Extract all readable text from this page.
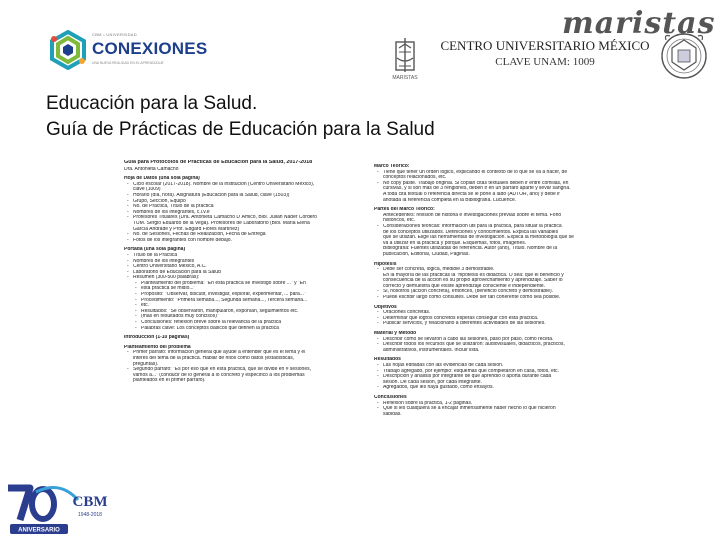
CBM • UNIVERSIDAD
CONEXIONES
UNA NUEVA REALIDAD EN EL APRENDIZAJE
maristas
MARISTAS
CENTRO UNIVERSITARIO MÉXICO
CLAVE UNAM: 1009
Educación para la Salud.
Guía de Prácticas de Educación para la Salud
Guía para Protocolos de Prácticas de Educación para la Salud, 2017-2018
Dra. Antonieta Camacho
Hoja de Datos (una sola página)
- Ciclo escolar (2017-2018). Nombre de la institución (Centro Universitario México),
clave (1009)
- Horario (día, hora). Asignatura (Educación para la Salud, clave (1503))
- Grupo, Sección, Equipo
- No. de Práctica, Título de la práctica
- Nombres de los integrantes, c.l.v.e
- Profesores Titulares (Dra. Antonieta Camacho D´Amico, Biól. Julián Nader Cordero
TUM. Sergio Eduardo de la Vega). Profesores de Laboratorio (Biól. María Elena
García Andrade y Prof. Edgard Flores Martínez)
- No. de Sesiones, Fechas de Realización, Fecha de Entrega
- Fotos de los integrantes con nombre debajo.
Portada (una sola página)
- Título de la Práctica
- Nombres de los integrantes
- Centro Universitario México, A.C.
- Laboratorio de Educación para la Salud
- Resumen (300-500 palabras):
- Planteamiento del problema: "En esta práctica se investigó sobre ..." y "En
- esta práctica se midió..."
- Propósito: "Observar, discutir, investigar, explorar, experimentar, ... para..."
- Procedimiento: "Primera semana..., Segunda semana..., Tercera semana...
- etc."
- Resultados: "Se observaron, manipularon, exponían, seguimientos etc.
- (más en resultados muy concisos)"
- Conclusiones: reflexión breve sobre la relevancia de la práctica
- Palabras clave: Los conceptos básicos que definen la práctica
Introducción (1-10 páginas)
Planteamiento del problema
- Primer párrafo: Información general que ayude a entender qué es el tema y el
interés del tema de la práctica. Hablar de hitos como datos (estadísticas,
preguntas).
- Segundo párrafo: "Es por eso que en esta práctica, que se divide en # sesiones,
vamos a..." (conducir de lo general a lo concreto y específico a los problemas
planteados en el primer párrafo).
Marco Teórico:
- Tiene que tener un orden lógico, explicando el contexto de lo que se va a hacer, de
conceptos relacionados, etc.
- No copy paste. Trabajo original. Si copian citas textuales deben ir entre comillas, en
cursivas, y si son más de 3 renglones, deben ir en un párrafo aparte y llevar sangría.
A toda cita textual o referencia directa se le pone a lado (AUTOR, año) y debe ir
anotada la referencia completa en la Bibliografía. Lucuence.
Partes del Marco Teórico:
Antecedentes: revisión de historia e investigaciones previas sobre el tema. Fono
históricos, etc.
- Consideraciones teóricas: información útil para la práctica, para situar la práctica
de los conceptos utilizados. Definiciones y conocimientos. Explica las variables
que se utilizan. Elige las herramientas de investigación. Explica la metodología que se
va a utilizar en la práctica y porqué. Esquemas, fotos, imágenes.
Bibliografía: Fuentes utilizadas de referencia. Autor (año), Título. Nombre de la
publicación, Editorial, Ciudad, Páginas.
Hipótesis
- Debe ser concreta, lógica, medible 3 demostrable.
En la mayoría de las prácticas la "hipótesis es didáctica. O sea: que el beneficio y
consecuencia de la acción es su propio aprovechamiento y aprendizaje. Saber lo
correcto y demuestra que existe aprendizaje consciente e independiente.
- Si, nosotros (acción concreta), entonces, (beneficio concreto y demostrable).
- Puede escribir largo cómo consultes. Debe ser tan coherente como sea posible.
Objetivos
- Oraciones concretas.
- Determinar qué logros concretos esperas conseguir con esta práctica.
- Publicar servicios, y relacionarlo a diferentes actividades de las sesiones.
Material y Método
- Describir cómo se llevaron a cabo las sesiones, paso por paso, como receta.
- Describir todos los recursos que se utilizaron: audiovisuales, didácticos, prácticos,
administrativos, instrumentales. Incluir lista.
Resultados
- Las hojas editadas con las evidencias de cada sesión.
- Trabajo agregado, por ejemplo: esquemas que completaron en casa, fotos, etc.
- Descripción y análisis por integrante de qué aprendió o aporta durante cada
sesión. De cada sesión, por cada integrante.
- Agregados, que les haya gustado, cómo ensayos.
Conclusiones
- Reflexión sobre la práctica, 1-2 páginas.
- Que si les cualquiera se a encajar inmensamente haber hecho lo que hicieron
sabidas.
ANIVERSARIO
CBM
1948-2018
